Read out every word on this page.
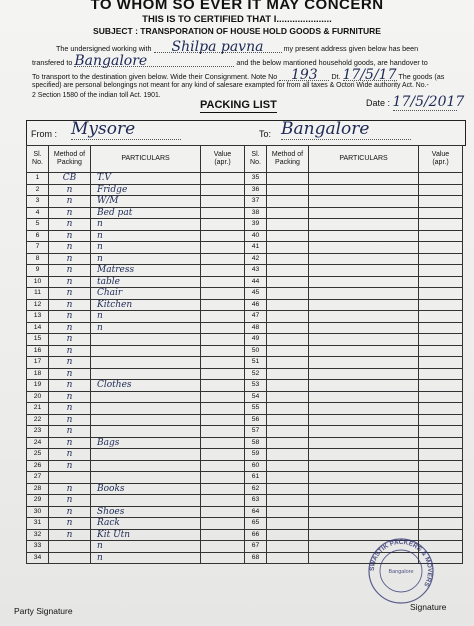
TO WHOM SO EVER IT MAY CONCERN
THIS IS TO CERTIFIED THAT I.....................
SUBJECT : TRANSPORATION OF HOUSE HOLD GOODS & FURNITURE
The undersigned working with Shilpa pavna	my present address given below has been
transfered to Bangalore	and the below mantioned household goods, are handover to
To transport to the destination given below. Wide their Consignment. Note No 193 Dt. 17/5/17 The goods (as
specified) are personal belongings not meant for any kind of salesare exampted for from all taxes & Octori Wide authority Act. No.-
2 Section 1580 of the indian toll Act. 1901.
PACKING LIST	Date : 17/5/2017
From : Mysore	To: Bangalore
Sl.
No.	Method of
Packing	PARTICULARS	Value
(apr.)	Sl.
No.	Method of
Packing	PARTICULARS	Value
(apr.)
1	CB	T.V		35			
2	n	Fridge		36			
3	n	W/M		37			
4	n	Bed pat		38			
5	n	n		39			
6	n	n		40			
7	n	n		41			
8	n	n		42			
9	n	Matress		43			
10	n	table		44			
11	n	Chair		45			
12	n	Kitchen		46			
13	n	n		47			
14	n	n		48			
15	n			49			
16	n			50			
17	n			51			
18	n			52			
19	n	Clothes		53			
20	n			54			
21	n			55			
22	n			56			
23	n			57			
24	n	Bags		58			
25	n			59			
26	n			60			
27				61			
28	n	Books		62			
29	n			63			
30	n	Shoes		64			
31	n	Rack		65			
32	n	Kit Utn		66			
33		n		67			
34		n		68			
SWASTIK PACKERS & MOVERS
Bangalore
Party Signature	Signature
